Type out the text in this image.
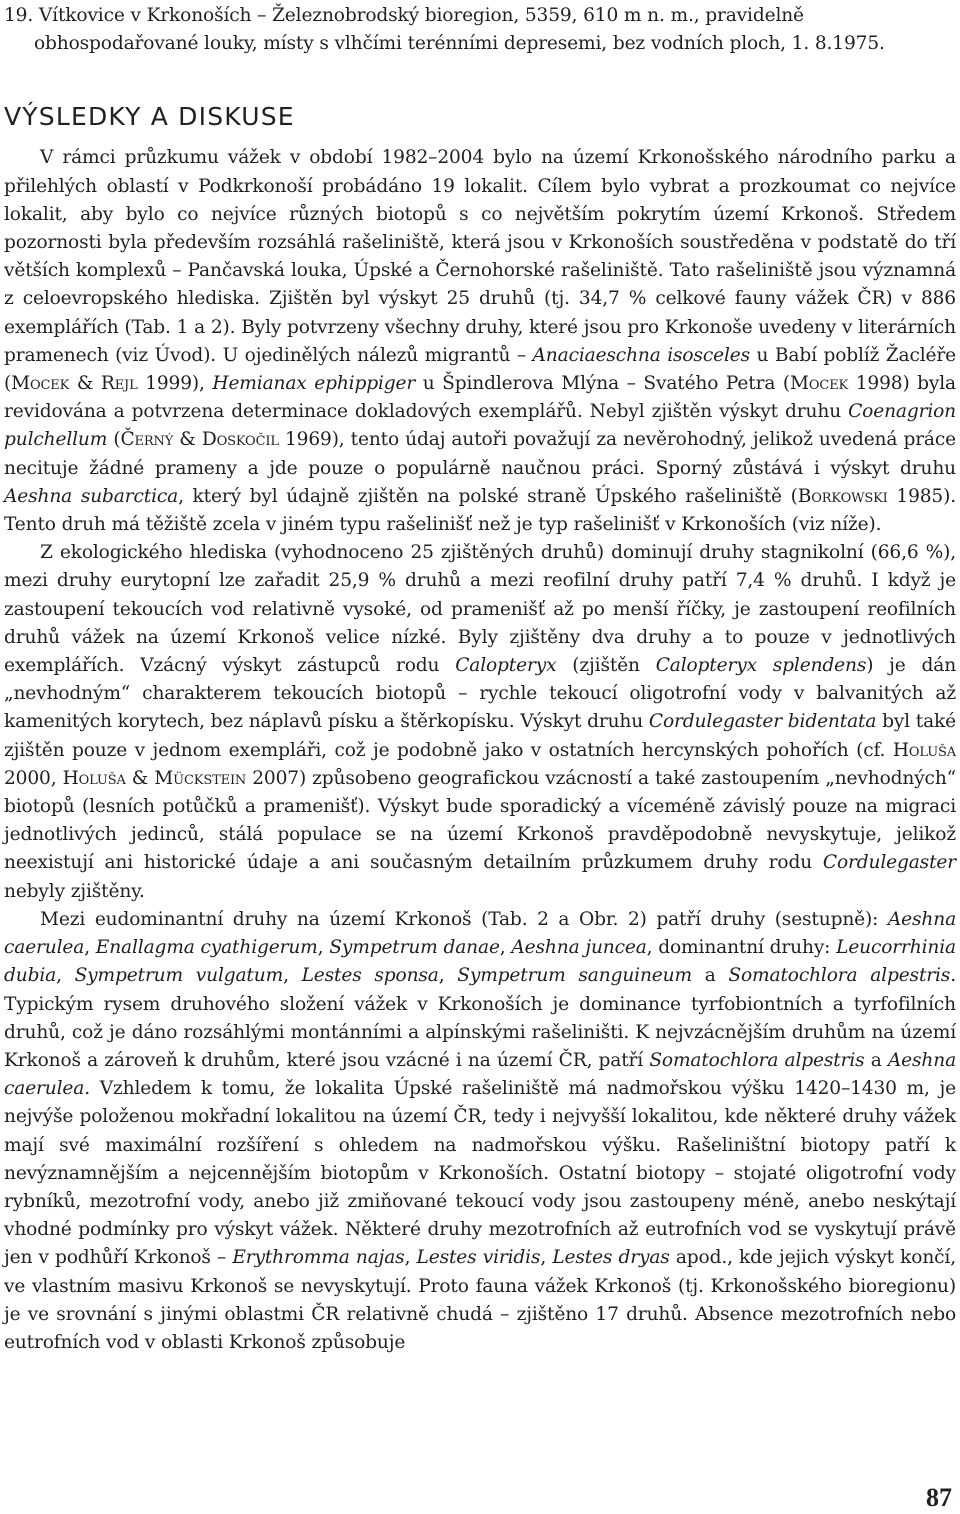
19. Vítkovice v Krkonoších – Železnobrodský bioregion, 5359, 610 m n. m., pravidelně obhospodařované louky, místy s vlhčími terénními depresemi, bez vodních ploch, 1. 8.1975.

VÝSLEDKY A DISKUSE

V rámci průzkumu vážek v období 1982–2004 bylo na území Krkonošského národního parku a přilehlých oblastí v Podkrkonoší probádáno 19 lokalit. Cílem bylo vybrat a prozkoumat co nejvíce lokalit, aby bylo co nejvíce různých biotopů s co největším pokrytím území Krkonoš. Středem pozornosti byla především rozsáhlá rašeliniště, která jsou v Krkonoších soustředěna v podstatě do tří větších komplexů – Pančavská louka, Úpské a Černohorské rašeliniště. Tato rašeliniště jsou významná z celoevropského hlediska. Zjištěn byl výskyt 25 druhů (tj. 34,7 % celkové fauny vážek ČR) v 886 exemplářích (Tab. 1 a 2). Byly potvrzeny všechny druhy, které jsou pro Krkonoše uvedeny v literárních pramenech (viz Úvod). U ojedinělých nálezů migrantů – Anaciaeschna isosceles u Babí poblíž Žacléře (Mocek & Rejl 1999), Hemianax ephippiger u Špindlerova Mlýna – Svatého Petra (Mocek 1998) byla revidována a potvrzena determinace dokladových exemplářů. Nebyl zjištěn výskyt druhu Coenagrion pulchellum (Černý & Doskočil 1969), tento údaj autoři považují za nevěrohodný, jelikož uvedená práce necituje žádné prameny a jde pouze o populárně naučnou práci. Sporný zůstává i výskyt druhu Aeshna subarctica, který byl údajně zjištěn na polské straně Úpského rašeliniště (Borkowski 1985). Tento druh má těžiště zcela v jiném typu rašelinišť než je typ rašelinišť v Krkonoších (viz níže).

Z ekologického hlediska (vyhodnoceno 25 zjištěných druhů) dominují druhy stagnikolní (66,6 %), mezi druhy eurytopní lze zařadit 25,9 % druhů a mezi reofilní druhy patří 7,4 % druhů. I když je zastoupení tekoucích vod relativně vysoké, od pramenišť až po menší říčky, je zastoupení reofilních druhů vážek na území Krkonoš velice nízké. Byly zjištěny dva druhy a to pouze v jednotlivých exemplářích. Vzácný výskyt zástupců rodu Calopteryx (zjištěn Calopteryx splendens) je dán „nevhodným“ charakterem tekoucích biotopů – rychle tekoucí oligotrofní vody v balvanitých až kamenitých korytech, bez náplavů písku a štěrkopísku. Výskyt druhu Cordulegaster bidentata byl také zjištěn pouze v jednom exempláři, což je podobně jako v ostatních hercynských pohořích (cf. Holuša 2000, Holuša & Mückstein 2007) způsobeno geografickou vzácností a také zastoupením „nevhodných“ biotopů (lesních potůčků a pramenišť). Výskyt bude sporadický a víceméně závislý pouze na migraci jednotlivých jedinců, stálá populace se na území Krkonoš pravděpodobně nevyskytuje, jelikož neexistují ani historické údaje a ani současným detailním průzkumem druhy rodu Cordulegaster nebyly zjištěny.

Mezi eudominantní druhy na území Krkonoš (Tab. 2 a Obr. 2) patří druhy (sestupně): Aeshna caerulea, Enallagma cyathigerum, Sympetrum danae, Aeshna juncea, dominantní druhy: Leucorrhinia dubia, Sympetrum vulgatum, Lestes sponsa, Sympetrum sanguineum a Somatochlora alpestris. Typickým rysem druhového složení vážek v Krkonoších je dominance tyrfobiontních a tyrfofilních druhů, což je dáno rozsáhlými montánními a alpínskými rašeliništi. K nejvzácnějším druhům na území Krkonoš a zároveň k druhům, které jsou vzácné i na území ČR, patří Somatochlora alpestris a Aeshna caerulea. Vzhledem k tomu, že lokalita Úpské rašeliniště má nadmořskou výšku 1420–1430 m, je nejvýše položenou mokřadní lokalitou na území ČR, tedy i nejvyšší lokalitou, kde některé druhy vážek mají své maximální rozšíření s ohledem na nadmořskou výšku. Rašeliništní biotopy patří k nevýznamnějším a nejcennějším biotopům v Krkonoších. Ostatní biotopy – stojaté oligotrofní vody rybníků, mezotrofní vody, anebo již zmiňované tekoucí vody jsou zastoupeny méně, anebo neskýtají vhodné podmínky pro výskyt vážek. Některé druhy mezotrofních až eutrofních vod se vyskytují právě jen v podhůří Krkonoš – Erythromma najas, Lestes viridis, Lestes dryas apod., kde jejich výskyt končí, ve vlastním masivu Krkonoš se nevyskytují. Proto fauna vážek Krkonoš (tj. Krkonošského bioregionu) je ve srovnání s jinými oblastmi ČR relativně chudá – zjištěno 17 druhů. Absence mezotrofních nebo eutrofních vod v oblasti Krkonoš způsobuje

87
